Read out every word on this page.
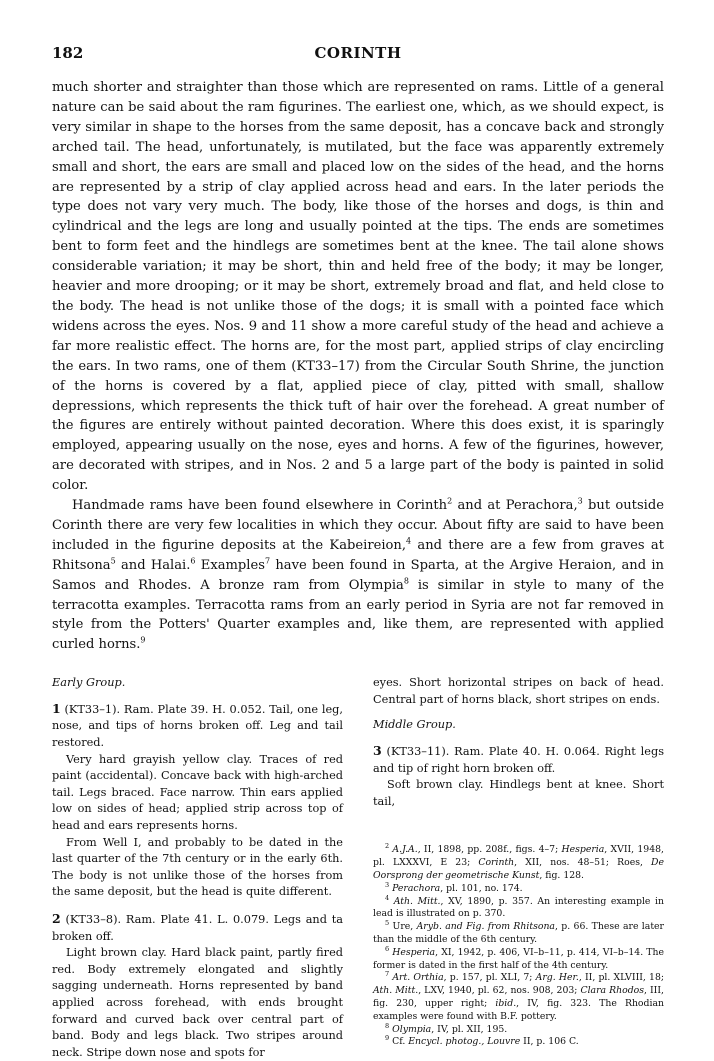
182	CORINTH

much shorter and straighter than those which are represented on rams. Little of a general nature can be said about the ram figurines. The earliest one, which, as we should expect, is very similar in shape to the horses from the same deposit, has a concave back and strongly arched tail. The head, unfortunately, is mutilated, but the face was apparently extremely small and short, the ears are small and placed low on the sides of the head, and the horns are represented by a strip of clay applied across head and ears. In the later periods the type does not vary very much. The body, like those of the horses and dogs, is thin and cylindrical and the legs are long and usually pointed at the tips. The ends are sometimes bent to form feet and the hindlegs are sometimes bent at the knee. The tail alone shows considerable variation; it may be short, thin and held free of the body; it may be longer, heavier and more drooping; or it may be short, extremely broad and flat, and held close to the body. The head is not unlike those of the dogs; it is small with a pointed face which widens across the eyes. Nos. 9 and 11 show a more careful study of the head and achieve a far more realistic effect. The horns are, for the most part, applied strips of clay encircling the ears. In two rams, one of them (KT33–17) from the Circular South Shrine, the junction of the horns is covered by a flat, applied piece of clay, pitted with small, shallow depressions, which represents the thick tuft of hair over the forehead. A great number of the figures are entirely without painted decoration. Where this does exist, it is sparingly employed, appearing usually on the nose, eyes and horns. A few of the figurines, however, are decorated with stripes, and in Nos. 2 and 5 a large part of the body is painted in solid color.

Handmade rams have been found elsewhere in Corinth$^2$ and at Perachora,$^3$ but outside Corinth there are very few localities in which they occur. About fifty are said to have been included in the figurine deposits at the Kabeireion,$^4$ and there are a few from graves at Rhitsona$^5$ and Halai.$^6$ Examples$^7$ have been found in Sparta, at the Argive Heraion, and in Samos and Rhodes. A bronze ram from Olympia$^8$ is similar in style to many of the terracotta examples. Terracotta rams from an early period in Syria are not far removed in style from the Potters' Quarter examples and, like them, are represented with applied curled horns.$^9$

Early Group.

1 (KT33–1). Ram. Plate 39. H. 0.052. Tail, one leg, nose, and tips of horns broken off. Leg and tail restored.

Very hard grayish yellow clay. Traces of red paint (accidental). Concave back with high-arched tail. Legs braced. Face narrow. Thin ears applied low on sides of head; applied strip across top of head and ears represents horns.

From Well I, and probably to be dated in the last quarter of the 7th century or in the early 6th. The body is not unlike those of the horses from the same deposit, but the head is quite different.

2 (KT33–8). Ram. Plate 41. L. 0.079. Legs and ta broken off.

Light brown clay. Hard black paint, partly fired red. Body extremely elongated and slightly sagging underneath. Horns represented by band applied across forehead, with ends brought forward and curved back over central part of band. Body and legs black. Two stripes around neck. Stripe down nose and spots for

eyes. Short horizontal stripes on back of head. Central part of horns black, short stripes on ends.

Middle Group.

3 (KT33–11). Ram. Plate 40. H. 0.064. Right legs and tip of right horn broken off.

Soft brown clay. Hindlegs bent at knee. Short tail,

$^2$ A.J.A., II, 1898, pp. 208f., figs. 4–7; Hesperia, XVII, 1948, pl. LXXXVI, E 23; Corinth, XII, nos. 48–51; Roes, De Oorsprong der geometrische Kunst, fig. 128.

$^3$ Perachora, pl. 101, no. 174.

$^4$ Ath. Mitt., XV, 1890, p. 357. An interesting example in lead is illustrated on p. 370.

$^5$ Ure, Aryb. and Fig. from Rhitsona, p. 66. These are later than the middle of the 6th century.

$^6$ Hesperia, XI, 1942, p. 406, VI–b–11, p. 414, VI–b–14. The former is dated in the first half of the 4th century.

$^7$ Art. Orthia, p. 157, pl. XLI, 7; Arg. Her., II, pl. XLVIII, 18; Ath. Mitt., LXV, 1940, pl. 62, nos. 908, 203; Clara Rhodos, III, fig. 230, upper right; ibid., IV, fig. 323. The Rhodian examples were found with B.F. pottery.

$^8$ Olympia, IV, pl. XII, 195.

$^9$ Cf. Encycl. photog., Louvre II, p. 106 C.
